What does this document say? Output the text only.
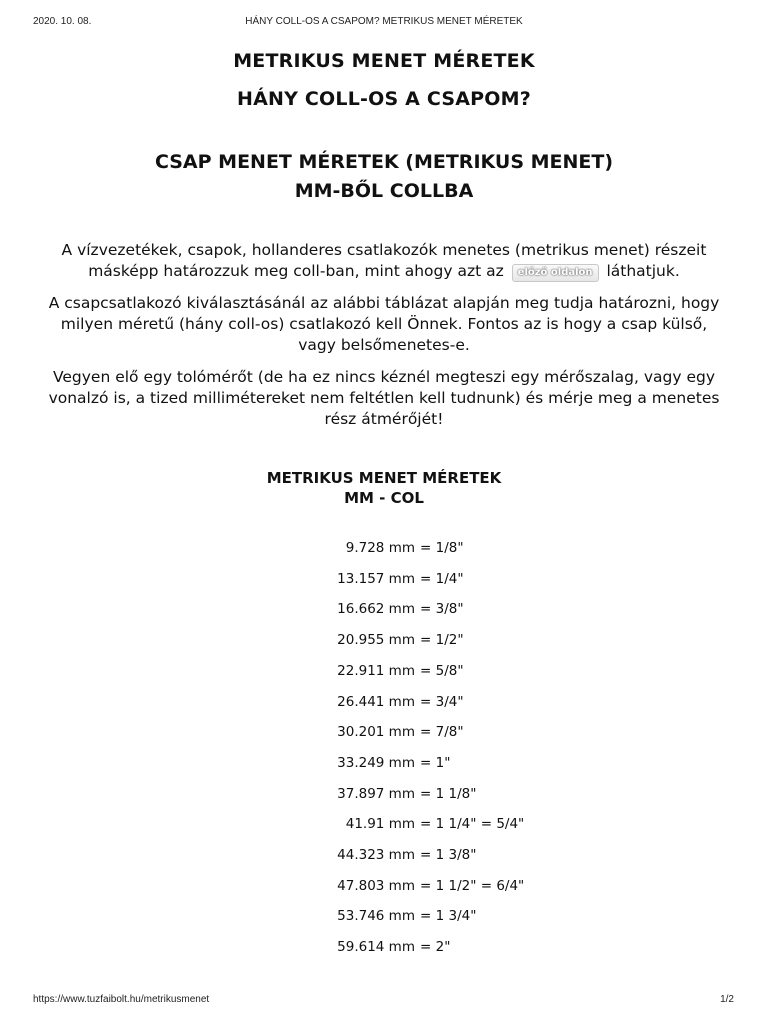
2020. 10. 08.	HÁNY COLL-OS A CSAPOM? METRIKUS MENET MÉRETEK
METRIKUS MENET MÉRETEK
HÁNY COLL-OS A CSAPOM?
CSAP MENET MÉRETEK (METRIKUS MENET)
MM-BŐL COLLBA

A vízvezetékek, csapok, hollanderes csatlakozók menetes (metrikus menet) részeit másképp határozzuk meg coll-ban, mint ahogy azt az előző oldalon láthatjuk.

A csapcsatlakozó kiválasztásánál az alábbi táblázat alapján meg tudja határozni, hogy milyen méretű (hány coll-os) csatlakozó kell Önnek. Fontos az is hogy a csap külső, vagy belsőmenetes-e.

Vegyen elő egy tolómérőt (de ha ez nincs kéznél megteszi egy mérőszalag, vagy egy vonalzó is, a tized millimétereket nem feltétlen kell tudnunk) és mérje meg a menetes rész átmérőjét!

METRIKUS MENET MÉRETEK
MM - COL
9.728 mm = 1/8"
13.157 mm = 1/4"
16.662 mm = 3/8"
20.955 mm = 1/2"
22.911 mm = 5/8"
26.441 mm = 3/4"
30.201 mm = 7/8"
33.249 mm = 1"
37.897 mm = 1 1/8"
41.91 mm = 1 1/4" = 5/4"
44.323 mm = 1 3/8"
47.803 mm = 1 1/2" = 6/4"
53.746 mm = 1 3/4"
59.614 mm = 2"
https://www.tuzfaibolt.hu/metrikusmenet	1/2
